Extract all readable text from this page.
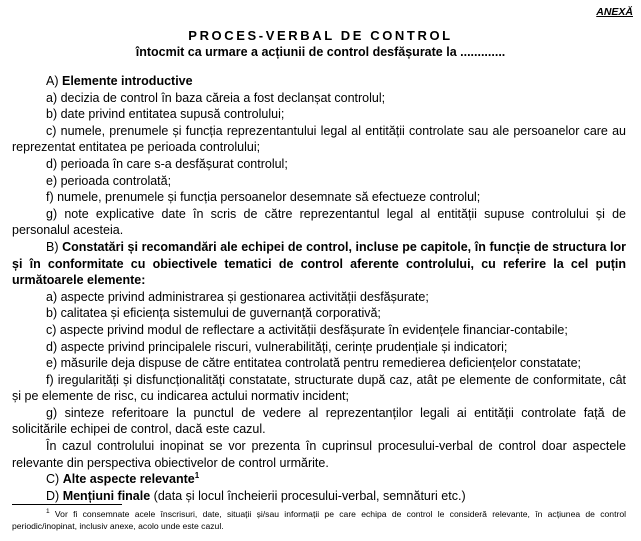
ANEXĂ
PROCES-VERBAL DE CONTROL
întocmit ca urmare a acțiunii de control desfășurate la .............

A) Elemente introductive

a) decizia de control în baza căreia a fost declanșat controlul;

b) date privind entitatea supusă controlului;

c) numele, prenumele și funcția reprezentantului legal al entității controlate sau ale persoanelor care au reprezentat entitatea pe perioada controlului;

d) perioada în care s-a desfășurat controlul;

e) perioada controlată;

f) numele, prenumele și funcția persoanelor desemnate să efectueze controlul;

g) note explicative date în scris de către reprezentantul legal al entității supuse controlului și de personalul acesteia.

B) Constatări și recomandări ale echipei de control, incluse pe capitole, în funcție de structura lor și în conformitate cu obiectivele tematici de control aferente controlului, cu referire la cel puțin următoarele elemente:

a) aspecte privind administrarea și gestionarea activității desfășurate;

b) calitatea și eficiența sistemului de guvernanță corporativă;

c) aspecte privind modul de reflectare a activității desfășurate în evidențele financiar-contabile;

d) aspecte privind principalele riscuri, vulnerabilități, cerințe prudențiale și indicatori;

e) măsurile deja dispuse de către entitatea controlată pentru remedierea deficiențelor constatate;

f) iregularități și disfuncționalități constatate, structurate după caz, atât pe elemente de conformitate, cât și pe elemente de risc, cu indicarea actului normativ incident;

g) sinteze referitoare la punctul de vedere al reprezentanților legali ai entității controlate față de solicitările echipei de control, dacă este cazul.

În cazul controlului inopinat se vor prezenta în cuprinsul procesului-verbal de control doar aspectele relevante din perspectiva obiectivelor de control urmărite.

C) Alte aspecte relevante$^1$

D) Mențiuni finale (data și locul încheierii procesului-verbal, semnături etc.)

$^1$ Vor fi consemnate acele înscrisuri, date, situații și/sau informații pe care echipa de control le consideră relevante, în acțiunea de control periodic/inopinat, inclusiv anexe, acolo unde este cazul.
